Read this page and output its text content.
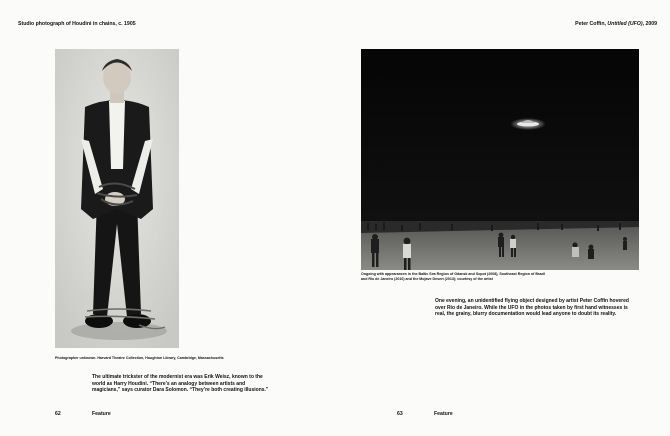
Studio photograph of Houdini in chains, c. 1905	Peter Coffin, Untitled (UFO), 2009
Photographer unknown. Harvard Theatre Collection, Houghton Library, Cambridge, Massachusetts
The ultimate trickster of the modernist era was Erik Weisz, known to the world as Harry Houdini. “There’s an analogy between artists and magicians,” says curator Dara Solomon. “They’re both creating illusions.”
62	Feature
Ongoing with appearances in the Baltic Sea Region of Gdansk and Sopot (2008), Southeast Region of Brazil and Rio de Janeiro (2010) and the Mojave Desert (2013); courtesy of the artist
One evening, an unidentified flying object designed by artist Peter Coffin hovered over Rio de Janeiro. While the UFO in the photos taken by first hand witnesses is real, the grainy, blurry documentation would lead anyone to doubt its reality.
63	Feature
